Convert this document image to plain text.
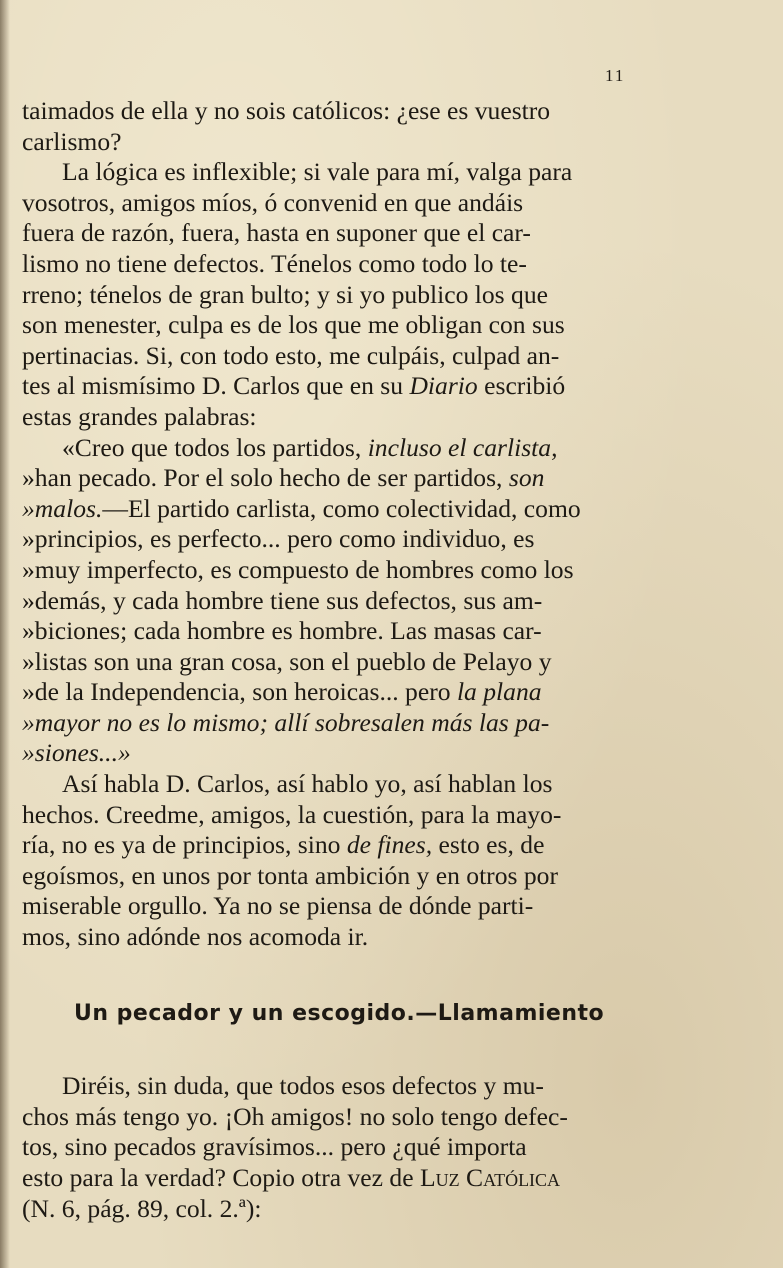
11
taimados de ella y no sois católicos: ¿ese es vuestro
carlismo?
La lógica es inflexible; si vale para mí, valga para
vosotros, amigos míos, ó convenid en que andáis
fuera de razón, fuera, hasta en suponer que el car-
lismo no tiene defectos. Ténelos como todo lo te-
rreno; ténelos de gran bulto; y si yo publico los que
son menester, culpa es de los que me obligan con sus
pertinacias. Si, con todo esto, me culpáis, culpad an-
tes al mismísimo D. Carlos que en su Diario escribió
estas grandes palabras:
«Creo que todos los partidos, incluso el carlista,
»han pecado. Por el solo hecho de ser partidos, son
»malos.—El partido carlista, como colectividad, como
»principios, es perfecto... pero como individuo, es
»muy imperfecto, es compuesto de hombres como los
»demás, y cada hombre tiene sus defectos, sus am-
»biciones; cada hombre es hombre. Las masas car-
»listas son una gran cosa, son el pueblo de Pelayo y
»de la Independencia, son heroicas... pero la plana
»mayor no es lo mismo; allí sobresalen más las pa-
»siones...»
Así habla D. Carlos, así hablo yo, así hablan los
hechos. Creedme, amigos, la cuestión, para la mayo-
ría, no es ya de principios, sino de fines, esto es, de
egoísmos, en unos por tonta ambición y en otros por
miserable orgullo. Ya no se piensa de dónde parti-
mos, sino adónde nos acomoda ir.
Un pecador y un escogido.—Llamamiento
Diréis, sin duda, que todos esos defectos y mu-
chos más tengo yo. ¡Oh amigos! no solo tengo defec-
tos, sino pecados gravísimos... pero ¿qué importa
esto para la verdad? Copio otra vez de Luz Católica
(N. 6, pág. 89, col. 2.ª):
